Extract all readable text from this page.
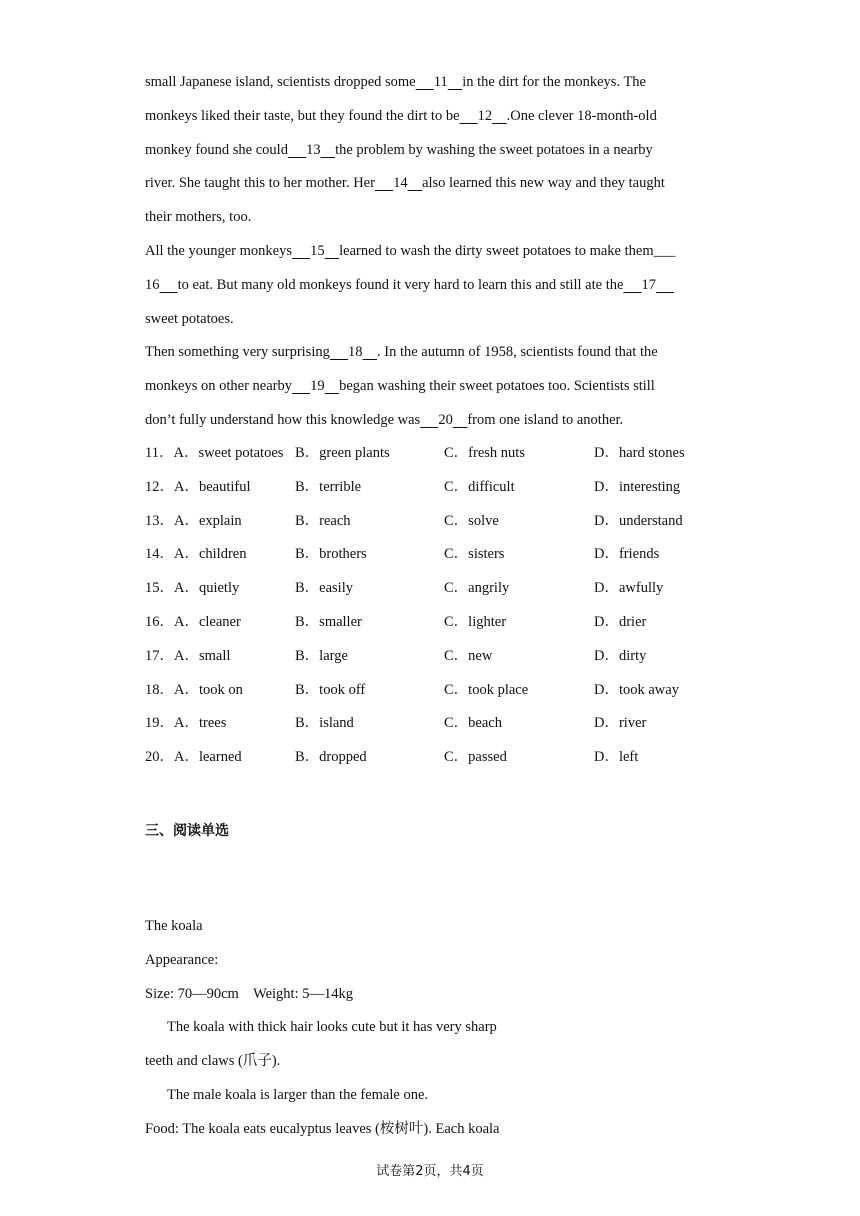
small Japanese island, scientists dropped some 11 in the dirt for the monkeys. The
monkeys liked their taste, but they found the dirt to be 12 .One clever 18-month-old
monkey found she could 13 the problem by washing the sweet potatoes in a nearby
river. She taught this to her mother. Her 14 also learned this new way and they taught
their mothers, too.
All the younger monkeys 15 learned to wash the dirty sweet potatoes to make them___
16 to eat. But many old monkeys found it very hard to learn this and still ate the 17
sweet potatoes.
Then something very surprising 18 . In the autumn of 1958, scientists found that the
monkeys on other nearby 19 began washing their sweet potatoes too. Scientists still
don’t fully understand how this knowledge was 20 from one island to another.
11．A．sweet potatoes B．green plants	C．fresh nuts	D．hard stones
12．A．beautiful	B．terrible	C．difficult	D．interesting
13．A．explain	B．reach	C．solve	D．understand
14．A．children	B．brothers	C．sisters	D．friends
15．A．quietly	B．easily	C．angrily	D．awfully
16．A．cleaner	B．smaller	C．lighter	D．drier
17．A．small	B．large	C．new	D．dirty
18．A．took on	B．took off	C．took place	D．took away
19．A．trees	B．island	C．beach	D．river
20．A．learned	B．dropped	C．passed	D．left
三、阅读单选
The koala
Appearance:
Size: 70—90cm    Weight: 5—14kg
The koala with thick hair looks cute but it has very sharp
teeth and claws (爪子).
The male koala is larger than the female one.
Food: The koala eats eucalyptus leaves (桉树叶). Each koala
试卷第2页，共4页
